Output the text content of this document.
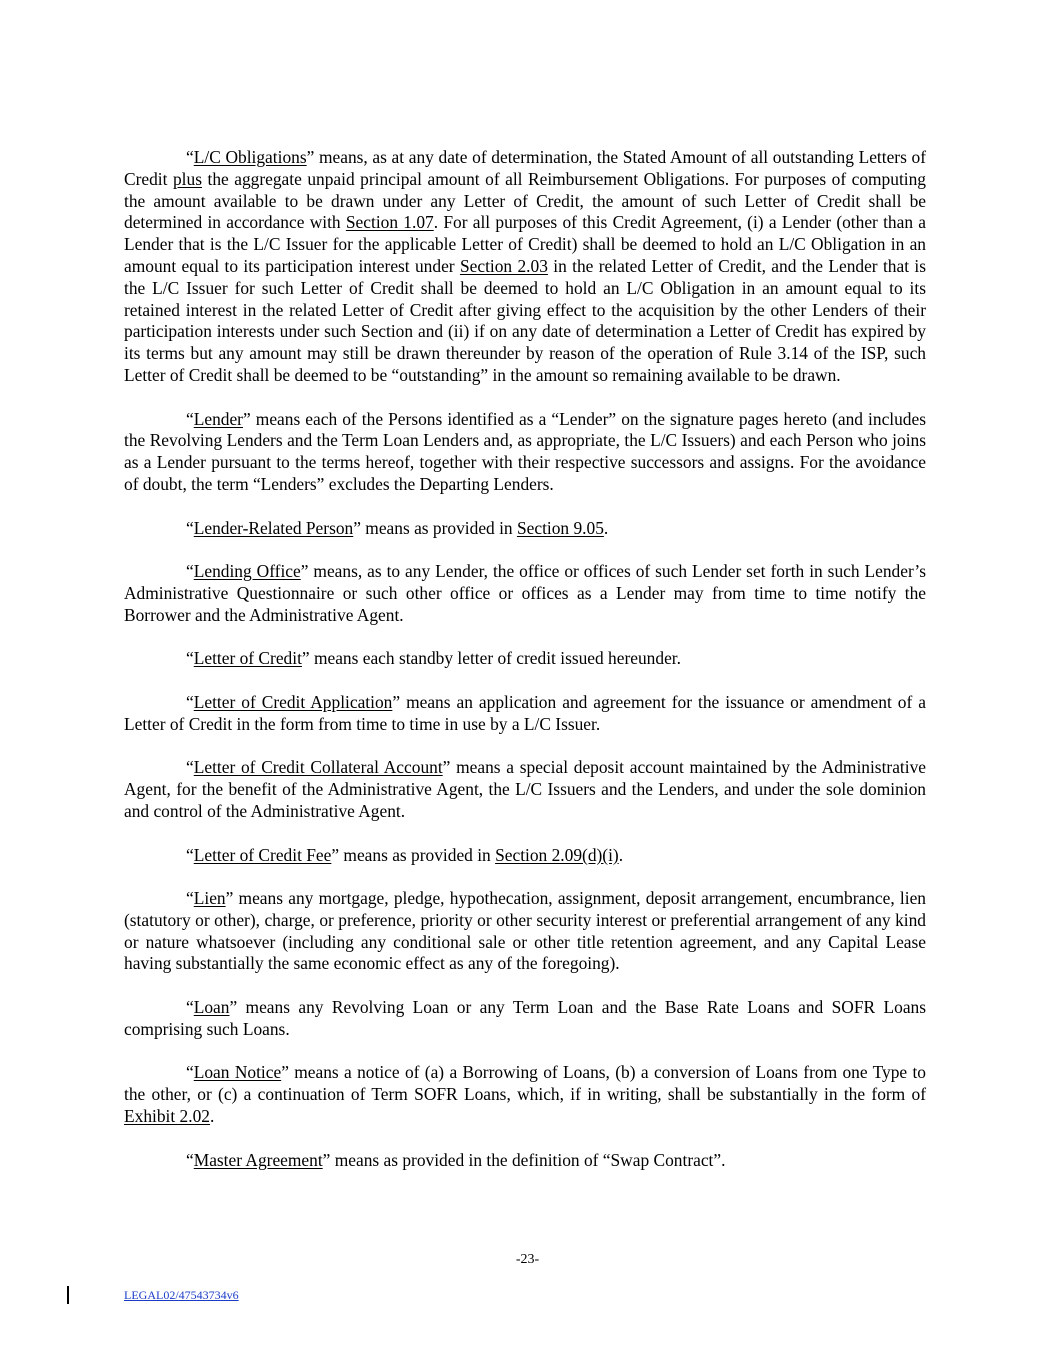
“L/C Obligations” means, as at any date of determination, the Stated Amount of all outstanding Letters of Credit plus the aggregate unpaid principal amount of all Reimbursement Obligations. For purposes of computing the amount available to be drawn under any Letter of Credit, the amount of such Letter of Credit shall be determined in accordance with Section 1.07. For all purposes of this Credit Agreement, (i) a Lender (other than a Lender that is the L/C Issuer for the applicable Letter of Credit) shall be deemed to hold an L/C Obligation in an amount equal to its participation interest under Section 2.03 in the related Letter of Credit, and the Lender that is the L/C Issuer for such Letter of Credit shall be deemed to hold an L/C Obligation in an amount equal to its retained interest in the related Letter of Credit after giving effect to the acquisition by the other Lenders of their participation interests under such Section and (ii) if on any date of determination a Letter of Credit has expired by its terms but any amount may still be drawn thereunder by reason of the operation of Rule 3.14 of the ISP, such Letter of Credit shall be deemed to be “outstanding” in the amount so remaining available to be drawn.

“Lender” means each of the Persons identified as a “Lender” on the signature pages hereto (and includes the Revolving Lenders and the Term Loan Lenders and, as appropriate, the L/C Issuers) and each Person who joins as a Lender pursuant to the terms hereof, together with their respective successors and assigns. For the avoidance of doubt, the term “Lenders” excludes the Departing Lenders.

“Lender-Related Person” means as provided in Section 9.05.

“Lending Office” means, as to any Lender, the office or offices of such Lender set forth in such Lender’s Administrative Questionnaire or such other office or offices as a Lender may from time to time notify the Borrower and the Administrative Agent.

“Letter of Credit” means each standby letter of credit issued hereunder.

“Letter of Credit Application” means an application and agreement for the issuance or amendment of a Letter of Credit in the form from time to time in use by a L/C Issuer.

“Letter of Credit Collateral Account” means a special deposit account maintained by the Administrative Agent, for the benefit of the Administrative Agent, the L/C Issuers and the Lenders, and under the sole dominion and control of the Administrative Agent.

“Letter of Credit Fee” means as provided in Section 2.09(d)(i).

“Lien” means any mortgage, pledge, hypothecation, assignment, deposit arrangement, encumbrance, lien (statutory or other), charge, or preference, priority or other security interest or preferential arrangement of any kind or nature whatsoever (including any conditional sale or other title retention agreement, and any Capital Lease having substantially the same economic effect as any of the foregoing).

“Loan” means any Revolving Loan or any Term Loan and the Base Rate Loans and SOFR Loans comprising such Loans.

“Loan Notice” means a notice of (a) a Borrowing of Loans, (b) a conversion of Loans from one Type to the other, or (c) a continuation of Term SOFR Loans, which, if in writing, shall be substantially in the form of Exhibit 2.02.

“Master Agreement” means as provided in the definition of “Swap Contract”.

-23-
LEGAL02/47543734v6
